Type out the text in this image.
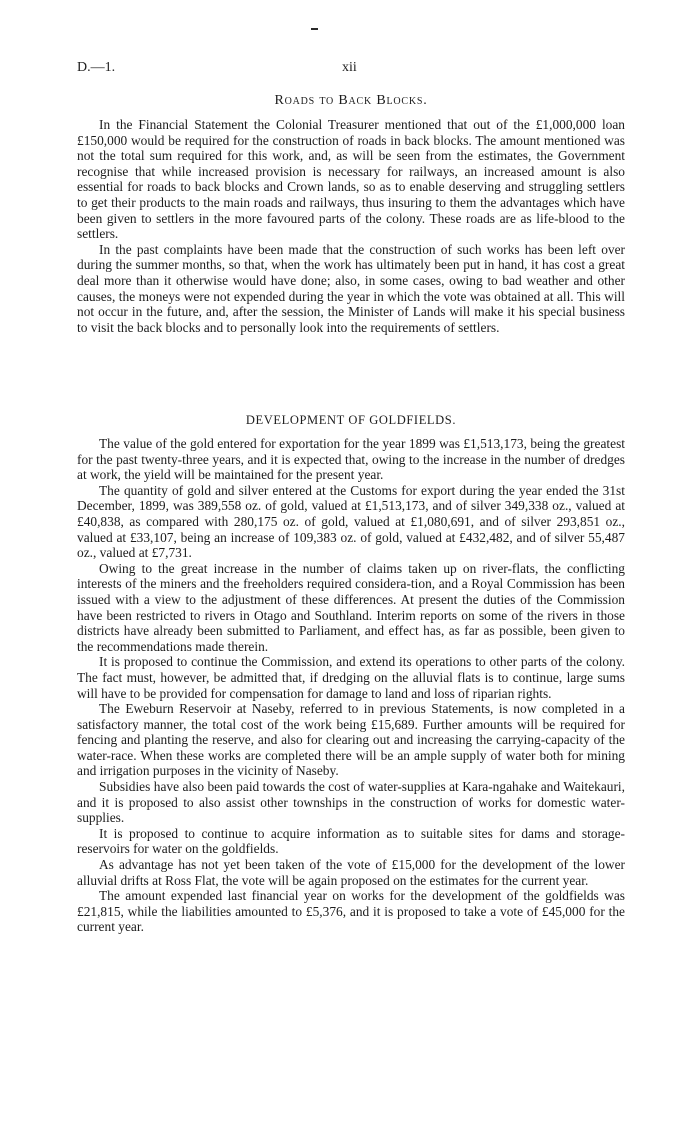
D.—1.	xii
Roads to Back Blocks.

In the Financial Statement the Colonial Treasurer mentioned that out of the £1,000,000 loan £150,000 would be required for the construction of roads in back blocks. The amount mentioned was not the total sum required for this work, and, as will be seen from the estimates, the Government recognise that while increased provision is necessary for railways, an increased amount is also essential for roads to back blocks and Crown lands, so as to enable deserving and struggling settlers to get their products to the main roads and railways, thus insuring to them the advantages which have been given to settlers in the more favoured parts of the colony. These roads are as life-blood to the settlers.

In the past complaints have been made that the construction of such works has been left over during the summer months, so that, when the work has ultimately been put in hand, it has cost a great deal more than it otherwise would have done; also, in some cases, owing to bad weather and other causes, the moneys were not expended during the year in which the vote was obtained at all. This will not occur in the future, and, after the session, the Minister of Lands will make it his special business to visit the back blocks and to personally look into the requirements of settlers.

DEVELOPMENT OF GOLDFIELDS.

The value of the gold entered for exportation for the year 1899 was £1,513,173, being the greatest for the past twenty-three years, and it is expected that, owing to the increase in the number of dredges at work, the yield will be maintained for the present year.

The quantity of gold and silver entered at the Customs for export during the year ended the 31st December, 1899, was 389,558 oz. of gold, valued at £1,513,173, and of silver 349,338 oz., valued at £40,838, as compared with 280,175 oz. of gold, valued at £1,080,691, and of silver 293,851 oz., valued at £33,107, being an increase of 109,383 oz. of gold, valued at £432,482, and of silver 55,487 oz., valued at £7,731.

Owing to the great increase in the number of claims taken up on river-flats, the conflicting interests of the miners and the freeholders required considera-tion, and a Royal Commission has been issued with a view to the adjustment of these differences. At present the duties of the Commission have been restricted to rivers in Otago and Southland. Interim reports on some of the rivers in those districts have already been submitted to Parliament, and effect has, as far as possible, been given to the recommendations made therein.

It is proposed to continue the Commission, and extend its operations to other parts of the colony. The fact must, however, be admitted that, if dredging on the alluvial flats is to continue, large sums will have to be provided for compensation for damage to land and loss of riparian rights.

The Eweburn Reservoir at Naseby, referred to in previous Statements, is now completed in a satisfactory manner, the total cost of the work being £15,689. Further amounts will be required for fencing and planting the reserve, and also for clearing out and increasing the carrying-capacity of the water-race. When these works are completed there will be an ample supply of water both for mining and irrigation purposes in the vicinity of Naseby.

Subsidies have also been paid towards the cost of water-supplies at Kara-ngahake and Waitekauri, and it is proposed to also assist other townships in the construction of works for domestic water-supplies.

It is proposed to continue to acquire information as to suitable sites for dams and storage-reservoirs for water on the goldfields.

As advantage has not yet been taken of the vote of £15,000 for the development of the lower alluvial drifts at Ross Flat, the vote will be again proposed on the estimates for the current year.

The amount expended last financial year on works for the development of the goldfields was £21,815, while the liabilities amounted to £5,376, and it is proposed to take a vote of £45,000 for the current year.
